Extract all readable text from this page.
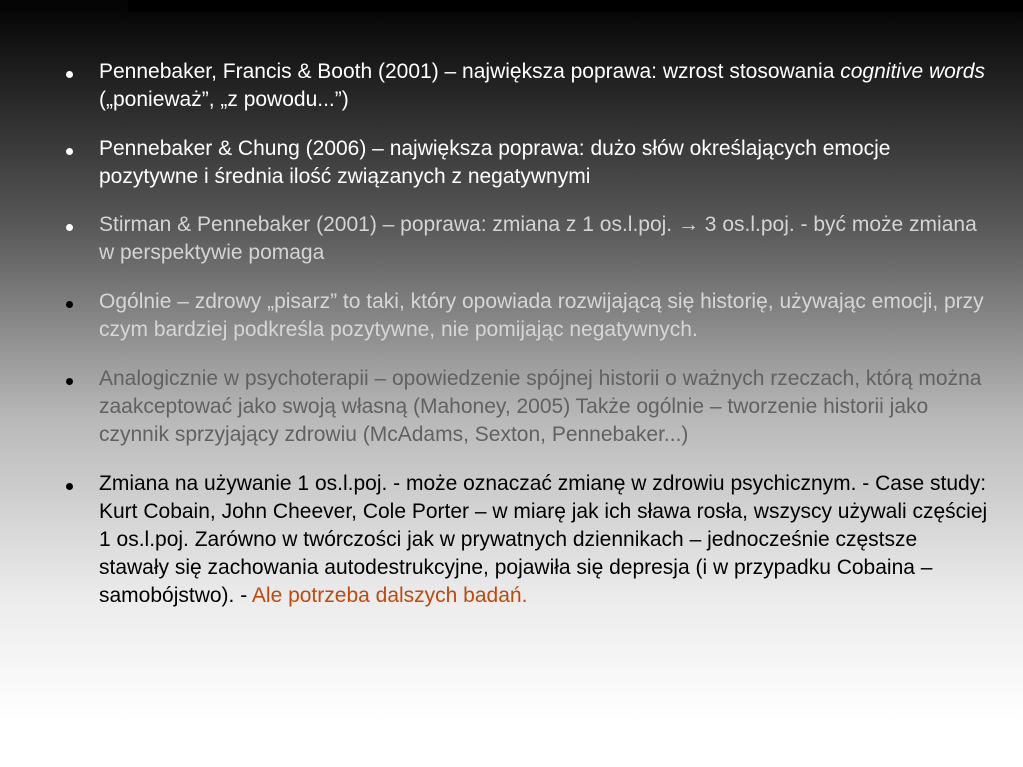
Pennebaker, Francis & Booth (2001) – największa poprawa: wzrost stosowania cognitive words („ponieważ”, „z powodu...”)
Pennebaker & Chung (2006) – największa poprawa: dużo słów określających emocje pozytywne i średnia ilość związanych z negatywnymi
Stirman & Pennebaker (2001) – poprawa: zmiana z 1 os.l.poj. → 3 os.l.poj. - być może zmiana w perspektywie pomaga
Ogólnie – zdrowy „pisarz” to taki, który opowiada rozwijającą się historię, używając emocji, przy czym bardziej podkreśla pozytywne, nie pomijając negatywnych.
Analogicznie w psychoterapii – opowiedzenie spójnej historii o ważnych rzeczach, którą można zaakceptować jako swoją własną (Mahoney, 2005) Także ogólnie – tworzenie historii jako czynnik sprzyjający zdrowiu (McAdams, Sexton, Pennebaker...)
Zmiana na używanie 1 os.l.poj. - może oznaczać zmianę w zdrowiu psychicznym. - Case study: Kurt Cobain, John Cheever, Cole Porter – w miarę jak ich sława rosła, wszyscy używali częściej 1 os.l.poj. Zarówno w twórczości jak w prywatnych dziennikach – jednocześnie częstsze stawały się zachowania autodestrukcyjne, pojawiła się depresja (i w przypadku Cobaina – samobójstwo). - Ale potrzeba dalszych badań.
